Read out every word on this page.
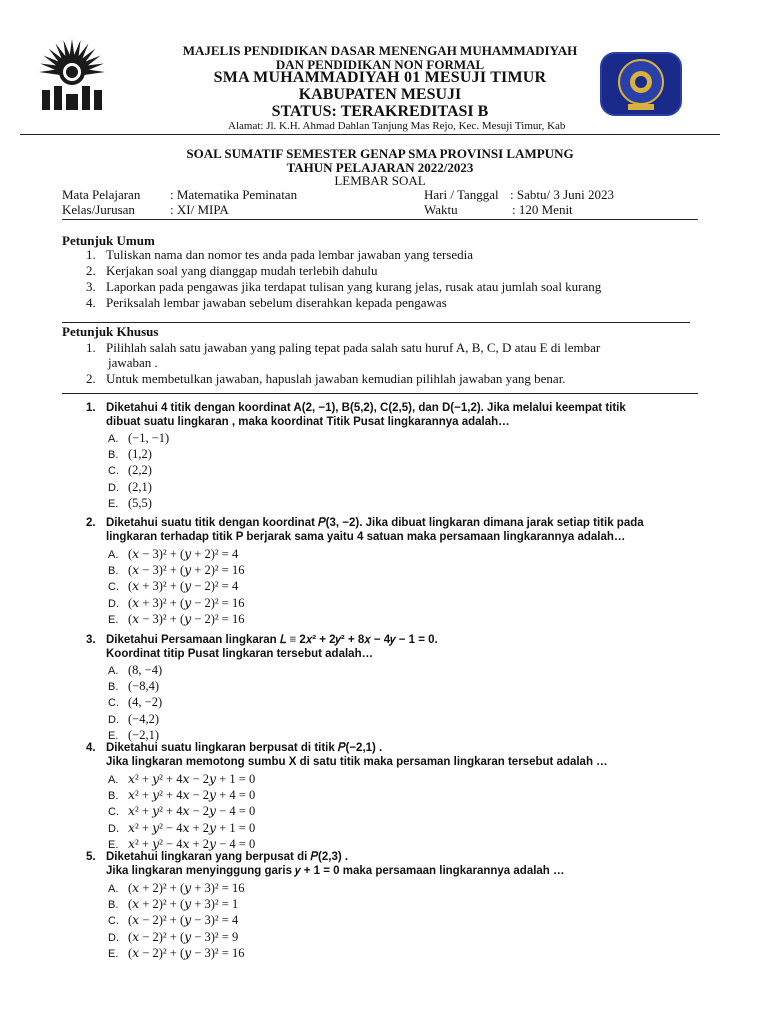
MAJELIS PENDIDIKAN DASAR MENENGAH MUHAMMADIYAH
DAN PENDIDIKAN NON FORMAL
SMA MUHAMMADIYAH 01 MESUJI TIMUR
KABUPATEN MESUJI
STATUS: TERAKREDITASI B
Alamat: Jl. K.H. Ahmad Dahlan Tanjung Mas Rejo, Kec. Mesuji Timur, Kab
SOAL SUMATIF SEMESTER GENAP SMA PROVINSI LAMPUNG
TAHUN PELAJARAN 2022/2023
LEMBAR SOAL
Mata Pelajaran : Matematika Peminatan	Hari / Tanggal : Sabtu/ 3 Juni 2023
Kelas/Jurusan	: XI/ MIPA	Waktu	: 120 Menit
Petunjuk Umum
1. Tuliskan nama dan nomor tes anda pada lembar jawaban yang tersedia
2. Kerjakan soal yang dianggap mudah terlebih dahulu
3. Laporkan pada pengawas jika terdapat tulisan yang kurang jelas, rusak atau jumlah soal kurang
4. Periksalah lembar jawaban sebelum diserahkan kepada pengawas
Petunjuk Khusus
1. Pilihlah salah satu jawaban yang paling tepat pada salah satu huruf A, B, C, D atau E di lembar
jawaban .
2. Untuk membetulkan jawaban, hapuslah jawaban kemudian pilihlah jawaban yang benar.
1. Diketahui 4 titik dengan koordinat A(2, −1), B(5,2), C(2,5), dan D(−1,2). Jika melalui keempat titik
dibuat suatu lingkaran , maka koordinat Titik Pusat lingkarannya adalah…
A. (−1, −1)
B. (1,2)
C. (2,2)
D. (2,1)
E. (5,5)
2. Diketahui suatu titik dengan koordinat 𝑃(3, −2). Jika dibuat lingkaran dimana jarak setiap titik pada
lingkaran terhadap titik P berjarak sama yaitu 4 satuan maka persamaan lingkarannya adalah…
A. (𝑥 − 3)² + (𝑦 + 2)² = 4
B. (𝑥 − 3)² + (𝑦 + 2)² = 16
C. (𝑥 + 3)² + (𝑦 − 2)² = 4
D. (𝑥 + 3)² + (𝑦 − 2)² = 16
E. (𝑥 − 3)² + (𝑦 − 2)² = 16
3. Diketahui Persamaan lingkaran 𝐿 ≡ 2𝑥² + 2𝑦² + 8𝑥 − 4𝑦 − 1 = 0.
Koordinat titip Pusat lingkaran tersebut adalah…
A. (8, −4)
B. (−8,4)
C. (4, −2)
D. (−4,2)
E. (−2,1)
4. Diketahui suatu lingkaran berpusat di titik 𝑃(−2,1) .
Jika lingkaran memotong sumbu X di satu titik maka persaman lingkaran tersebut adalah …
A. 𝑥² + 𝑦² + 4𝑥 − 2𝑦 + 1 = 0
B. 𝑥² + 𝑦² + 4𝑥 − 2𝑦 + 4 = 0
C. 𝑥² + 𝑦² + 4𝑥 − 2𝑦 − 4 = 0
D. 𝑥² + 𝑦² − 4𝑥 + 2𝑦 + 1 = 0
E. 𝑥² + 𝑦² − 4𝑥 + 2𝑦 − 4 = 0
5. Diketahui lingkaran yang berpusat di 𝑃(2,3) .
Jika lingkaran menyinggung garis 𝑦 + 1 = 0 maka persamaan lingkarannya adalah …
A. (𝑥 + 2)² + (𝑦 + 3)² = 16
B. (𝑥 + 2)² + (𝑦 + 3)² = 1
C. (𝑥 − 2)² + (𝑦 − 3)² = 4
D. (𝑥 − 2)² + (𝑦 − 3)² = 9
E. (𝑥 − 2)² + (𝑦 − 3)² = 16
